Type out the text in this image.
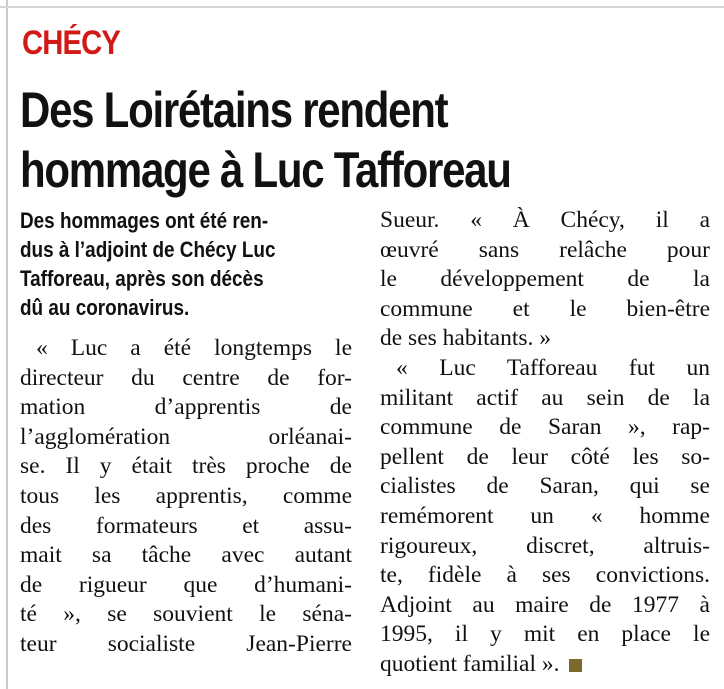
CHÉCY
Des Loirétains rendent
hommage à Luc Tafforeau
Des hommages ont été ren-
dus à l’adjoint de Chécy Luc
Tafforeau, après son décès
dû au coronavirus.
« Luc a été longtemps le
directeur du centre de for-
mation d’apprentis de
l’agglomération orléanai-
se. Il y était très proche de
tous les apprentis, comme
des formateurs et assu-
mait sa tâche avec autant
de rigueur que d’humani-
té », se souvient le séna-
teur socialiste Jean-Pierre
Sueur. « À Chécy, il a
œuvré sans relâche pour
le développement de la
commune et le bien-être
de ses habitants. »
« Luc Tafforeau fut un
militant actif au sein de la
commune de Saran », rap-
pellent de leur côté les so-
cialistes de Saran, qui se
remémorent un « homme
rigoureux, discret, altruis-
te, fidèle à ses convictions.
Adjoint au maire de 1977 à
1995, il y mit en place le
quotient familial ».
